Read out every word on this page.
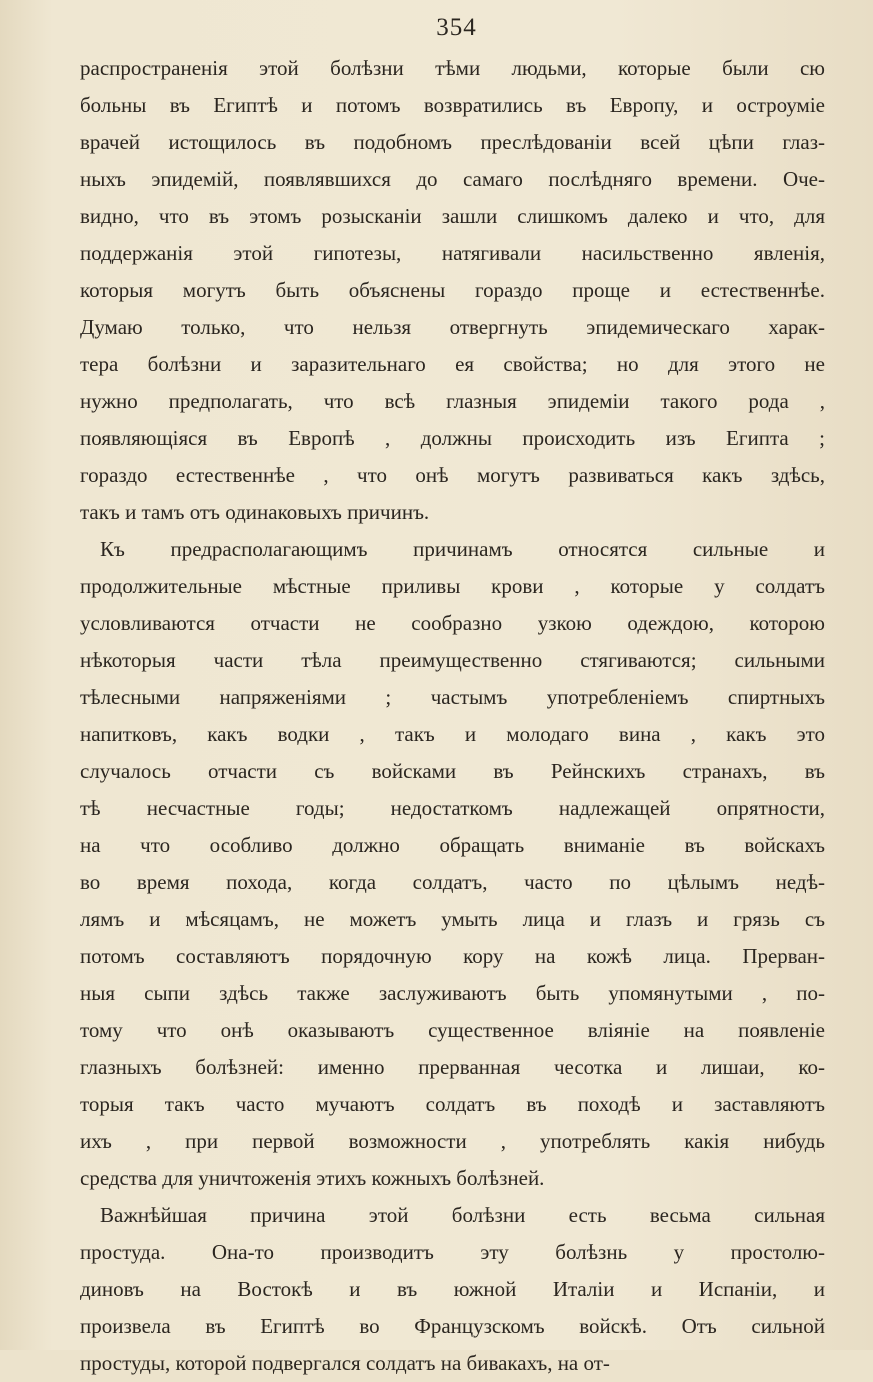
354
распространенія этой болѣзни тѣми людьми, которые были сю
больны въ Египтѣ и потомъ возвратились въ Европу, и остроуміе
врачей истощилось въ подобномъ преслѣдованіи всей цѣпи глаз-
ныхъ эпидемій, появлявшихся до самаго послѣдняго времени. Оче-
видно, что въ этомъ розысканіи зашли слишкомъ далеко и что, для
поддержанія этой гипотезы, натягивали насильственно явленія,
которыя могутъ быть объяснены гораздо проще и естественнѣе.
Думаю только, что нельзя отвергнуть эпидемическаго харак-
тера болѣзни и заразительнаго ея свойства; но для этого не
нужно предполагать, что всѣ глазныя эпидеміи такого рода ,
появляющіяся въ Европѣ , должны происходить изъ Египта ;
гораздо естественнѣе , что онѣ могутъ развиваться какъ здѣсь,
такъ и тамъ отъ одинаковыхъ причинъ.
Къ предрасполагающимъ причинамъ относятся сильные и
продолжительные мѣстные приливы крови , которые у солдатъ
условливаются отчасти не сообразно узкою одеждою, которою
нѣкоторыя части тѣла преимущественно стягиваются; сильными
тѣлесными напряженіями ; частымъ употребленіемъ спиртныхъ
напитковъ, какъ водки , такъ и молодаго вина , какъ это
случалось отчасти съ войсками въ Рейнскихъ странахъ, въ
тѣ несчастные годы; недостаткомъ надлежащей опрятности,
на что особливо должно обращать вниманіе въ войскахъ
во время похода, когда солдатъ, часто по цѣлымъ недѣ-
лямъ и мѣсяцамъ, не можетъ умыть лица и глазъ и грязь съ
потомъ составляютъ порядочную кору на кожѣ лица. Прерван-
ныя сыпи здѣсь также заслуживаютъ быть упомянутыми , по-
тому что онѣ оказываютъ существенное вліяніе на появленіе
глазныхъ болѣзней: именно прерванная чесотка и лишаи, ко-
торыя такъ часто мучаютъ солдатъ въ походѣ и заставляютъ
ихъ , при первой возможности , употреблять какія нибудь
средства для уничтоженія этихъ кожныхъ болѣзней.
Важнѣйшая причина этой болѣзни есть весьма сильная
простуда. Она-то производитъ эту болѣзнь у простолю-
диновъ на Востокѣ и въ южной Италіи и Испаніи, и
произвела въ Египтѣ во Французскомъ войскѣ. Отъ сильной
простуды, которой подвергался солдатъ на бивакахъ, на от-
